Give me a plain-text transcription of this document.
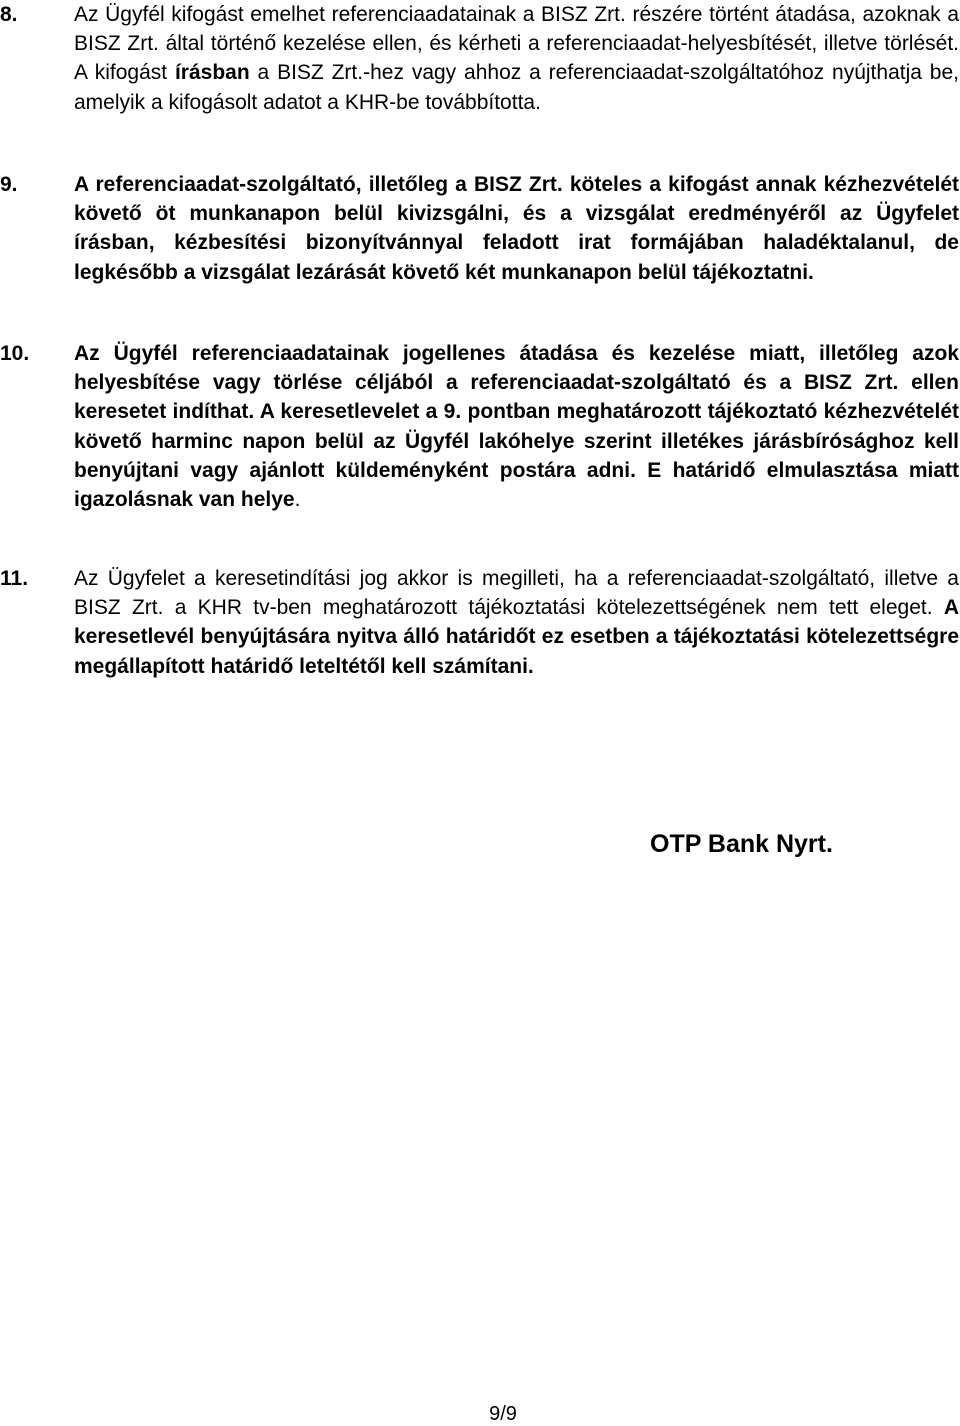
8.	Az Ügyfél kifogást emelhet referenciaadatainak a BISZ Zrt. részére történt átadása, azoknak a BISZ Zrt. által történő kezelése ellen, és kérheti a referenciaadat-helyesbítését, illetve törlését. A kifogást írásban a BISZ Zrt.-hez vagy ahhoz a referenciaadat-szolgáltatóhoz nyújthatja be, amelyik a kifogásolt adatot a KHR-be továbbította.
9.	A referenciaadat-szolgáltató, illetőleg a BISZ Zrt. köteles a kifogást annak kézhezvételét követő öt munkanapon belül kivizsgálni, és a vizsgálat eredményéről az Ügyfelet írásban, kézbesítési bizonyítvánnyal feladott irat formájában haladéktalanul, de legkésőbb a vizsgálat lezárását követő két munkanapon belül tájékoztatni.
10. Az Ügyfél referenciaadatainak jogellenes átadása és kezelése miatt, illetőleg azok helyesbítése vagy törlése céljából a referenciaadat-szolgáltató és a BISZ Zrt. ellen keresetet indíthat. A keresetlevelet a 9. pontban meghatározott tájékoztató kézhezvételét követő harminc napon belül az Ügyfél lakóhelye szerint illetékes járásbírósághoz kell benyújtani vagy ajánlott küldeményként postára adni. E határidő elmulasztása miatt igazolásnak van helye.
11. Az Ügyfelet a keresetindítási jog akkor is megilleti, ha a referenciaadat-szolgáltató, illetve a BISZ Zrt. a KHR tv-ben meghatározott tájékoztatási kötelezettségének nem tett eleget. A keresetlevél benyújtására nyitva álló határidőt ez esetben a tájékoztatási kötelezettségre megállapított határidő leteltétől kell számítani.
OTP Bank Nyrt.
9/9
